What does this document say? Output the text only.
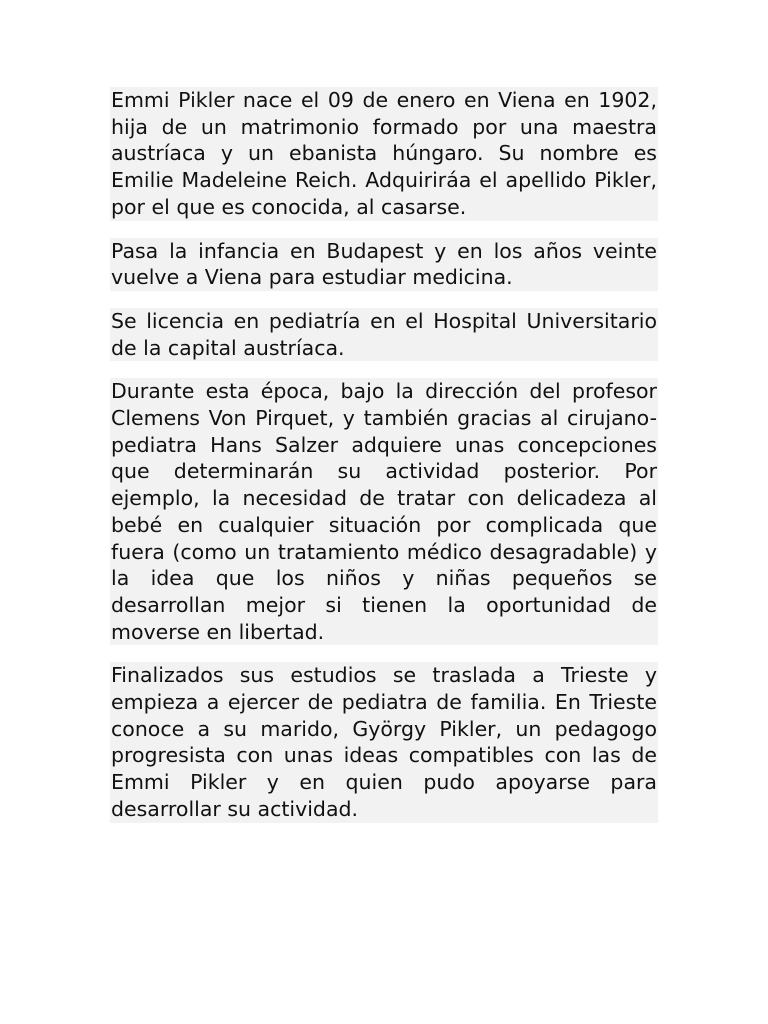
Emmi Pikler nace el 09 de enero en Viena en 1902, hija de un matrimonio formado por una maestra austríaca y un ebanista húngaro. Su nombre es Emilie Madeleine Reich. Adquiriráa el apellido Pikler, por el que es conocida, al casarse.

Pasa la infancia en Budapest y en los años veinte vuelve a Viena para estudiar medicina.

Se licencia en pediatría en el Hospital Universitario de la capital austríaca.

Durante esta época, bajo la dirección del profesor Clemens Von Pirquet, y también gracias al cirujano-pediatra Hans Salzer adquiere unas concepciones que determinarán su actividad posterior. Por ejemplo, la necesidad de tratar con delicadeza al bebé en cualquier situación por complicada que fuera (como un tratamiento médico desagradable) y la idea que los niños y niñas pequeños se desarrollan mejor si tienen la oportunidad de moverse en libertad.

Finalizados sus estudios se traslada a Trieste y empieza a ejercer de pediatra de familia. En Trieste conoce a su marido, György Pikler, un pedagogo progresista con unas ideas compatibles con las de Emmi Pikler y en quien pudo apoyarse para desarrollar su actividad.
